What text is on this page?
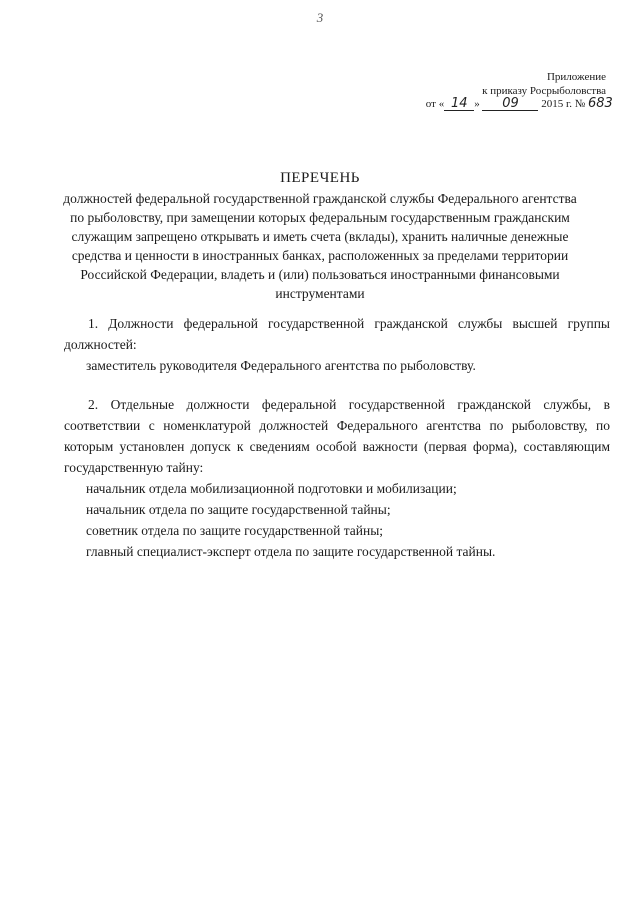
3
Приложение
к приказу Росрыболовства
от « 14 » 09 2015 г. № 683
ПЕРЕЧЕНЬ
должностей федеральной государственной гражданской службы Федерального агентства по рыболовству, при замещении которых федеральным государственным гражданским служащим запрещено открывать и иметь счета (вклады), хранить наличные денежные средства и ценности в иностранных банках, расположенных за пределами территории Российской Федерации, владеть и (или) пользоваться иностранными финансовыми инструментами

1. Должности федеральной государственной гражданской службы высшей группы должностей:

заместитель руководителя Федерального агентства по рыболовству.

2. Отдельные должности федеральной государственной гражданской службы, в соответствии с номенклатурой должностей Федерального агентства по рыболовству, по которым установлен допуск к сведениям особой важности (первая форма), составляющим государственную тайну:

начальник отдела мобилизационной подготовки и мобилизации;
начальник отдела по защите государственной тайны;
советник отдела по защите государственной тайны;
главный специалист-эксперт отдела по защите государственной тайны.
